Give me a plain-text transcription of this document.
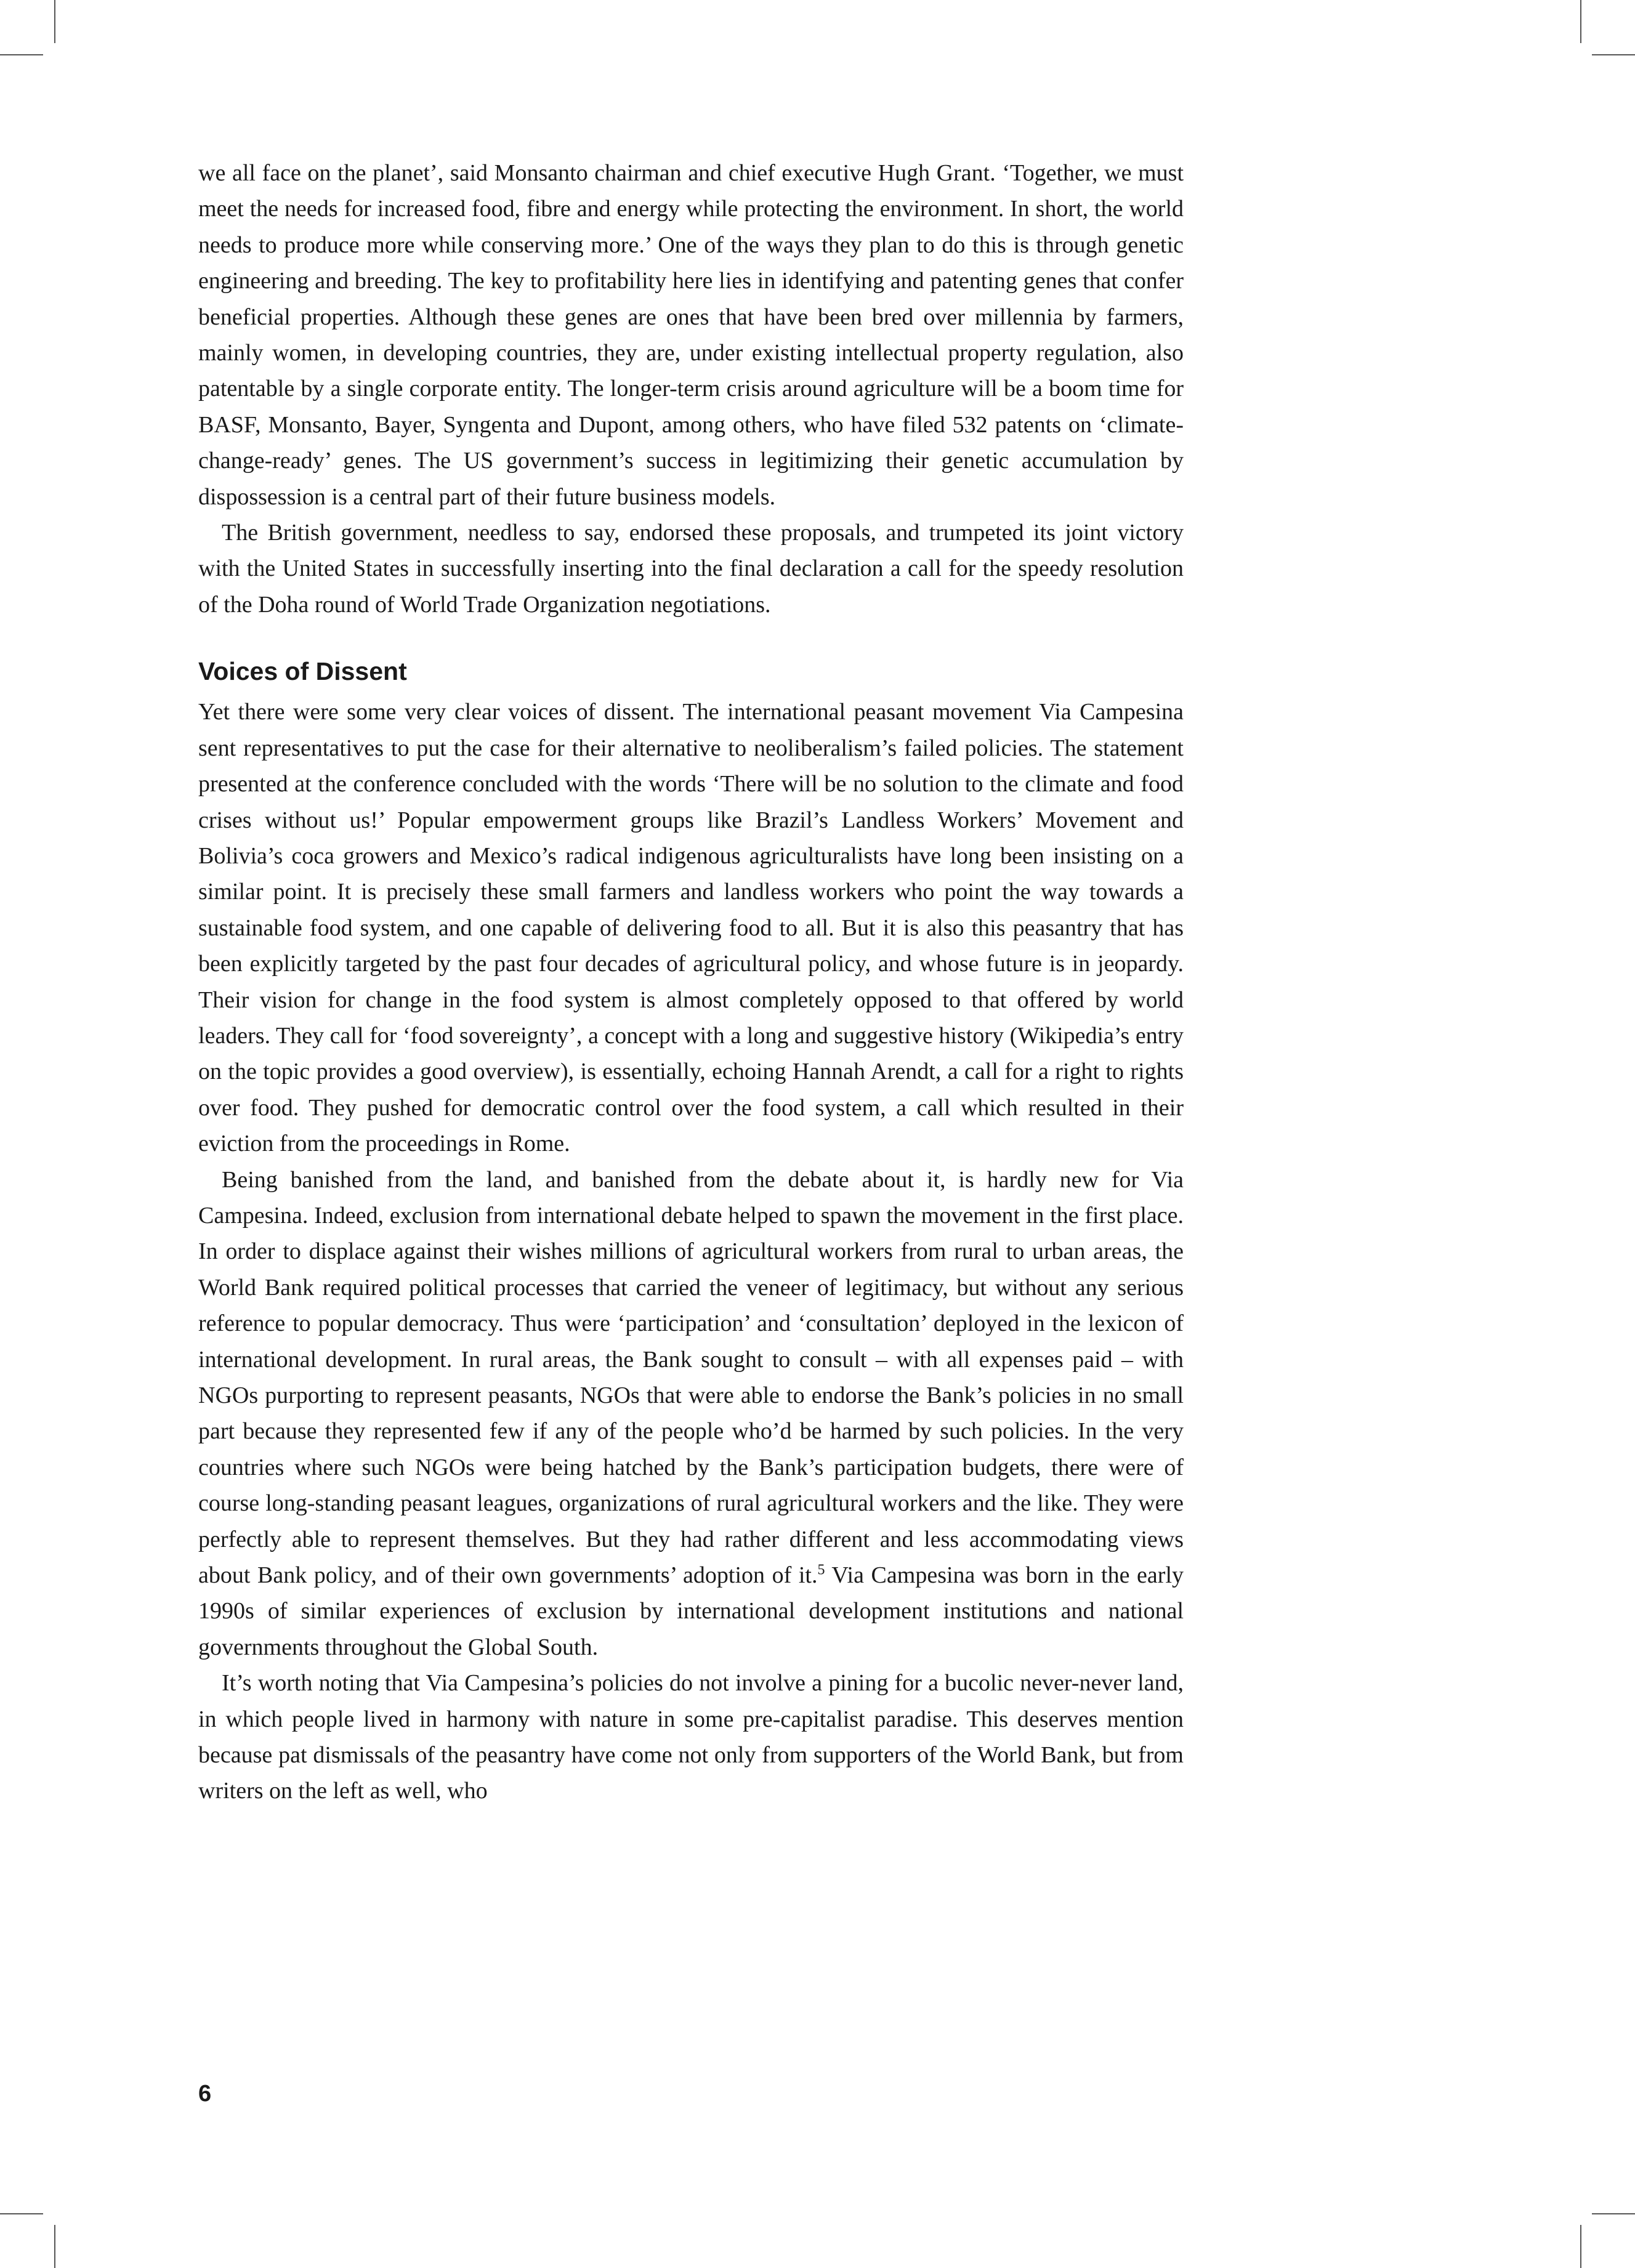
we all face on the planet’, said Monsanto chairman and chief executive Hugh Grant. ‘Together, we must meet the needs for increased food, fibre and energy while protecting the environment. In short, the world needs to produce more while conserving more.’ One of the ways they plan to do this is through genetic engineering and breeding. The key to profitability here lies in identifying and patenting genes that confer beneficial properties. Although these genes are ones that have been bred over millennia by farmers, mainly women, in developing countries, they are, under existing intellectual property regulation, also patentable by a single corporate entity. The longer-term crisis around agriculture will be a boom time for BASF, Monsanto, Bayer, Syngenta and Dupont, among others, who have filed 532 patents on ‘climate-change-ready’ genes. The US government’s success in legitimizing their genetic accumulation by dispossession is a central part of their future business models.

The British government, needless to say, endorsed these proposals, and trumpeted its joint victory with the United States in successfully inserting into the final declaration a call for the speedy resolution of the Doha round of World Trade Organization negotiations.

Voices of Dissent

Yet there were some very clear voices of dissent. The international peasant movement Via Campesina sent representatives to put the case for their alternative to neoliberalism’s failed policies. The statement presented at the conference concluded with the words ‘There will be no solution to the climate and food crises without us!’ Popular empowerment groups like Brazil’s Landless Workers’ Movement and Bolivia’s coca growers and Mexico’s radical indigenous agriculturalists have long been insisting on a similar point. It is precisely these small farmers and landless workers who point the way towards a sustainable food system, and one capable of delivering food to all. But it is also this peasantry that has been explicitly targeted by the past four decades of agricultural policy, and whose future is in jeopardy. Their vision for change in the food system is almost completely opposed to that offered by world leaders. They call for ‘food sovereignty’, a concept with a long and suggestive history (Wikipedia’s entry on the topic provides a good overview), is essentially, echoing Hannah Arendt, a call for a right to rights over food. They pushed for democratic control over the food system, a call which resulted in their eviction from the proceedings in Rome.

Being banished from the land, and banished from the debate about it, is hardly new for Via Campesina. Indeed, exclusion from international debate helped to spawn the movement in the first place. In order to displace against their wishes millions of agricultural workers from rural to urban areas, the World Bank required political processes that carried the veneer of legitimacy, but without any serious reference to popular democracy. Thus were ‘participation’ and ‘consultation’ deployed in the lexicon of international development. In rural areas, the Bank sought to consult – with all expenses paid – with NGOs purporting to represent peasants, NGOs that were able to endorse the Bank’s policies in no small part because they represented few if any of the people who’d be harmed by such policies. In the very countries where such NGOs were being hatched by the Bank’s participation budgets, there were of course long-standing peasant leagues, organizations of rural agricultural workers and the like. They were perfectly able to represent themselves. But they had rather different and less accommodating views about Bank policy, and of their own governments’ adoption of it.$^5$ Via Campesina was born in the early 1990s of similar experiences of exclusion by international development institutions and national governments throughout the Global South.

It’s worth noting that Via Campesina’s policies do not involve a pining for a bucolic never-never land, in which people lived in harmony with nature in some pre-capitalist paradise. This deserves mention because pat dismissals of the peasantry have come not only from supporters of the World Bank, but from writers on the left as well, who

6
